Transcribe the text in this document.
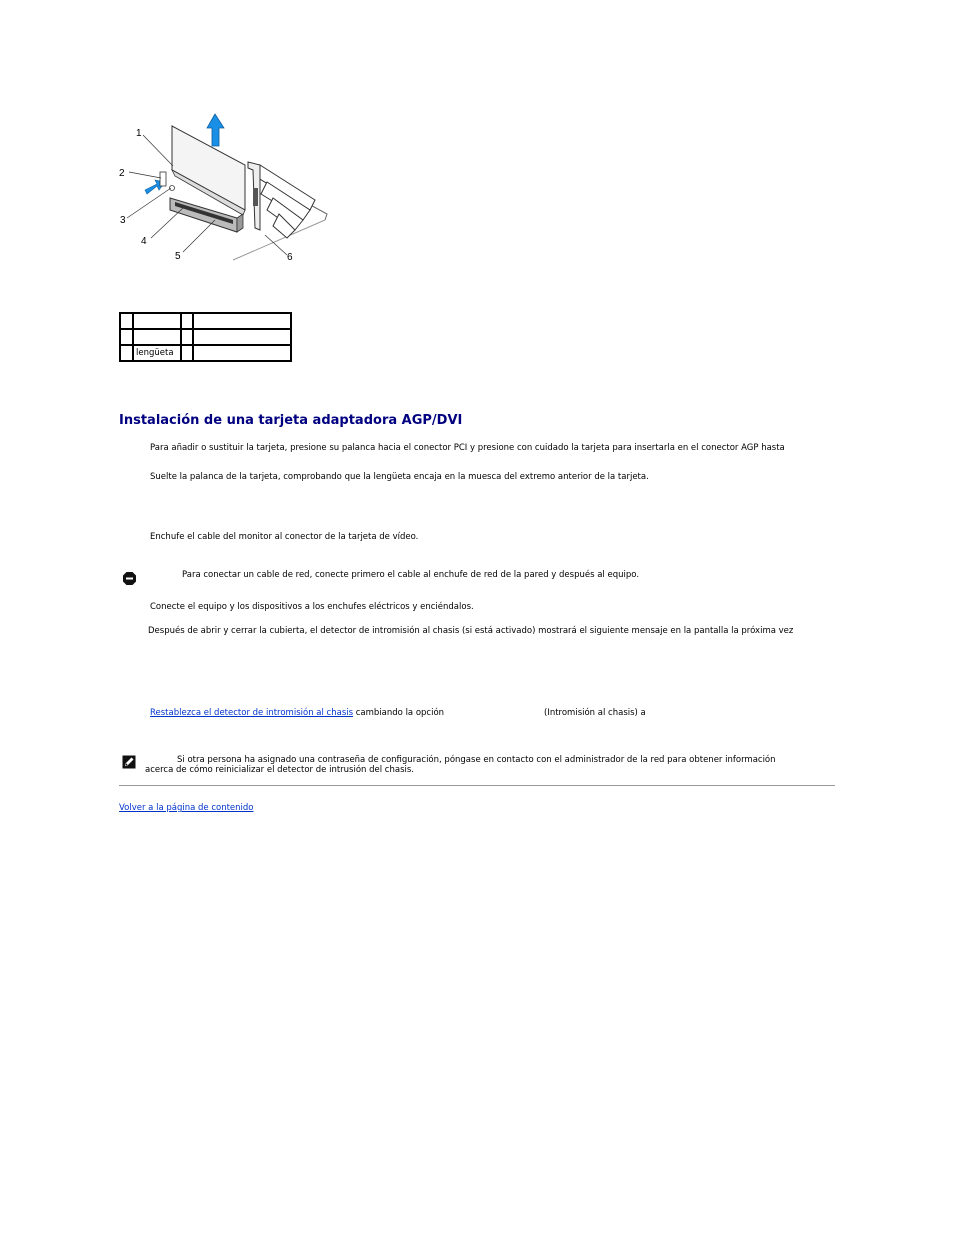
1
2
3
4
5	6

	lengüeta		
Instalación de una tarjeta adaptadora AGP/DVI
Para añadir o sustituir la tarjeta, presione su palanca hacia el conector PCI y presione con cuidado la tarjeta para insertarla en el conector AGP hasta
Suelte la palanca de la tarjeta, comprobando que la lengüeta encaja en la muesca del extremo anterior de la tarjeta.
Enchufe el cable del monitor al conector de la tarjeta de vídeo.
Para conectar un cable de red, conecte primero el cable al enchufe de red de la pared y después al equipo.
Conecte el equipo y los dispositivos a los enchufes eléctricos y enciéndalos.
Después de abrir y cerrar la cubierta, el detector de intromisión al chasis (si está activado) mostrará el siguiente mensaje en la pantalla la próxima vez
Restablezca el detector de intromisión al chasis cambiando la opción	(Intromisión al chasis) a
Si otra persona ha asignado una contraseña de configuración, póngase en contacto con el administrador de la red para obtener información
acerca de cómo reinicializar el detector de intrusión del chasis.
Volver a la página de contenido
